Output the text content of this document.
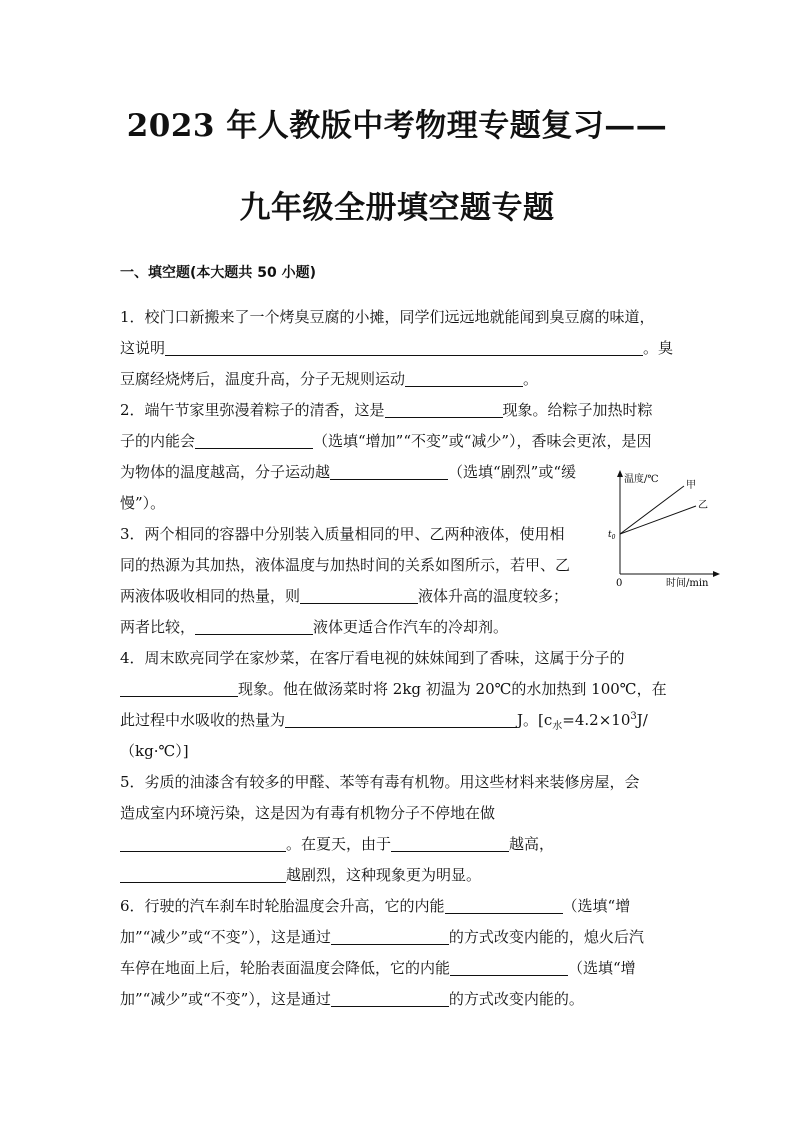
2023 年人教版中考物理专题复习——
九年级全册填空题专题
一、填空题(本大题共 50 小题)
1．校门口新搬来了一个烤臭豆腐的小摊，同学们远远地就能闻到臭豆腐的味道，
这说明	。臭
豆腐经烧烤后，温度升高，分子无规则运动	。
2．端午节家里弥漫着粽子的清香，这是	现象。给粽子加热时粽
子的内能会	（选填“增加”“不变”或“减少”），香味会更浓，是因
为物体的温度越高，分子运动越	（选填“剧烈”或“缓
慢”）。
温度/℃
时间/min
0
$t_0$
甲
乙
3．两个相同的容器中分别装入质量相同的甲、乙两种液体，使用相
同的热源为其加热，液体温度与加热时间的关系如图所示，若甲、乙
两液体吸收相同的热量，则	液体升高的温度较多；
两者比较，	液体更适合作汽车的冷却剂。
4．周末欧亮同学在家炒菜，在客厅看电视的妹妹闻到了香味，这属于分子的
现象。他在做汤菜时将 2kg 初温为 20℃的水加热到 100℃，在
此过程中水吸收的热量为	J。[$c_水=4.2\times 10^3J/$
（kg·℃）]
5．劣质的油漆含有较多的甲醛、苯等有毒有机物。用这些材料来装修房屋，会
造成室内环境污染，这是因为有毒有机物分子不停地在做
。在夏天，由于	越高，
越剧烈，这种现象更为明显。
6．行驶的汽车刹车时轮胎温度会升高，它的内能	（选填“增
加”“减少”或“不变”），这是通过	的方式改变内能的，熄火后汽
车停在地面上后，轮胎表面温度会降低，它的内能	（选填“增
加”“减少”或“不变”），这是通过	的方式改变内能的。
